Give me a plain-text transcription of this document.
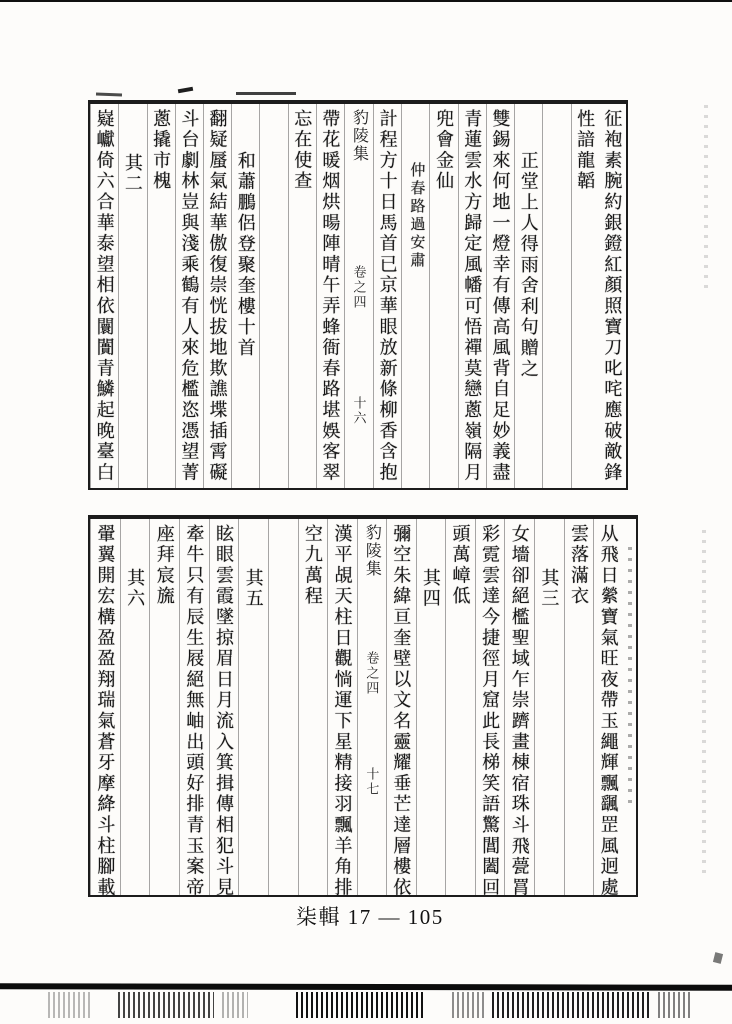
征袍素腕約銀鐙紅顏照寶刀叱咤應破敵鋒
性諳龍韜
正堂上人得雨舍利句贈之
雙錫來何地一燈幸有傳高風背自足妙義盡
青蓮雲水方歸定風幡可悟禪莫戀蔥嶺隔月
兜會金仙
仲春路過安肅
計程方十日馬首已京華眼放新條柳香含抱
豹陵集
卷之四
十六
帶花暖烟烘暘陣晴午弄蜂衙春路堪娛客翠
忘在使查
和蕭鵬侶登聚奎樓十首
翻疑蜃氣結華傲復崇恍拔地欺譙堞插霄礙
斗台劇林豈與淺乘鶴有人來危檻恣憑望菁
蔥撬市槐
其二
嶷巘倚六合華泰望相依闤闠青鱗起晚臺白
从飛日縈寶氣旺夜帶玉繩輝飄颻罡風迥處
雲落滿衣
其三
女墻卻絕檻聖域乍崇躋畫棟宿珠斗飛甍罥
彩霓雲達今捷徑月窟此長梯笑語驚閶闔回
頭萬嶂低
其四
彌空朱緯亘奎壁以文名靈耀垂芒達層樓依
豹陵集
卷之四
十七
漢平覘天柱日觀惝運下星精接羽飄羊角排
空九萬程
其五
眩眼雲霞墜掠眉日月流入箕揖傳相犯斗見
牽牛只有辰生屐絕無岫出頭好排青玉案帝
座拜宸旒
其六
翬翼開宏構盈盈翔瑞氣蒼牙摩絳斗柱腳載
柒輯 17 — 105
